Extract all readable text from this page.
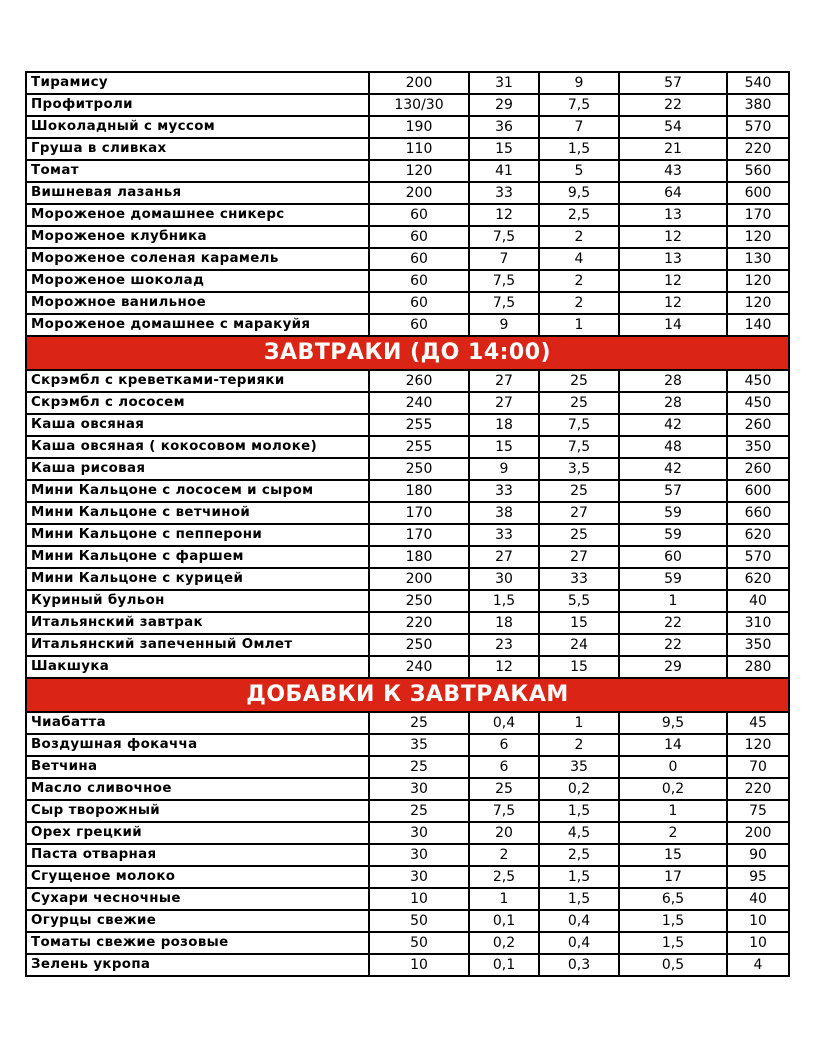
Тирамису	200	31	9	57	540
Профитроли	130/30	29	7,5	22	380
Шоколадный с муссом	190	36	7	54	570
Груша в сливках	110	15	1,5	21	220
Томат	120	41	5	43	560
Вишневая лазанья	200	33	9,5	64	600
Мороженое домашнее сникерс	60	12	2,5	13	170
Мороженое клубника	60	7,5	2	12	120
Мороженое соленая карамель	60	7	4	13	130
Мороженое шоколад	60	7,5	2	12	120
Морожное ванильное	60	7,5	2	12	120
Мороженое домашнее с маракуйя	60	9	1	14	140
ЗАВТРАКИ (ДО 14:00)					
Скрэмбл с креветками-терияки	260	27	25	28	450
Скрэмбл с лососем	240	27	25	28	450
Каша овсяная	255	18	7,5	42	260
Каша овсяная ( кокосовом молоке)	255	15	7,5	48	350
Каша рисовая	250	9	3,5	42	260
Мини Кальцоне с лососем и сыром	180	33	25	57	600
Мини Кальцоне с ветчиной	170	38	27	59	660
Мини Кальцоне с пепперони	170	33	25	59	620
Мини Кальцоне с фаршем	180	27	27	60	570
Мини Кальцоне с курицей	200	30	33	59	620
Куриный бульон	250	1,5	5,5	1	40
Итальянский завтрак	220	18	15	22	310
Итальянский запеченный Омлет	250	23	24	22	350
Шакшука	240	12	15	29	280
ДОБАВКИ К ЗАВТРАКАМ					
Чиабатта	25	0,4	1	9,5	45
Воздушная фокачча	35	6	2	14	120
Ветчина	25	6	35	0	70
Масло сливочное	30	25	0,2	0,2	220
Сыр творожный	25	7,5	1,5	1	75
Орех грецкий	30	20	4,5	2	200
Паста отварная	30	2	2,5	15	90
Сгущеное молоко	30	2,5	1,5	17	95
Сухари чесночные	10	1	1,5	6,5	40
Огурцы свежие	50	0,1	0,4	1,5	10
Томаты свежие розовые	50	0,2	0,4	1,5	10
Зелень укропа	10	0,1	0,3	0,5	4
